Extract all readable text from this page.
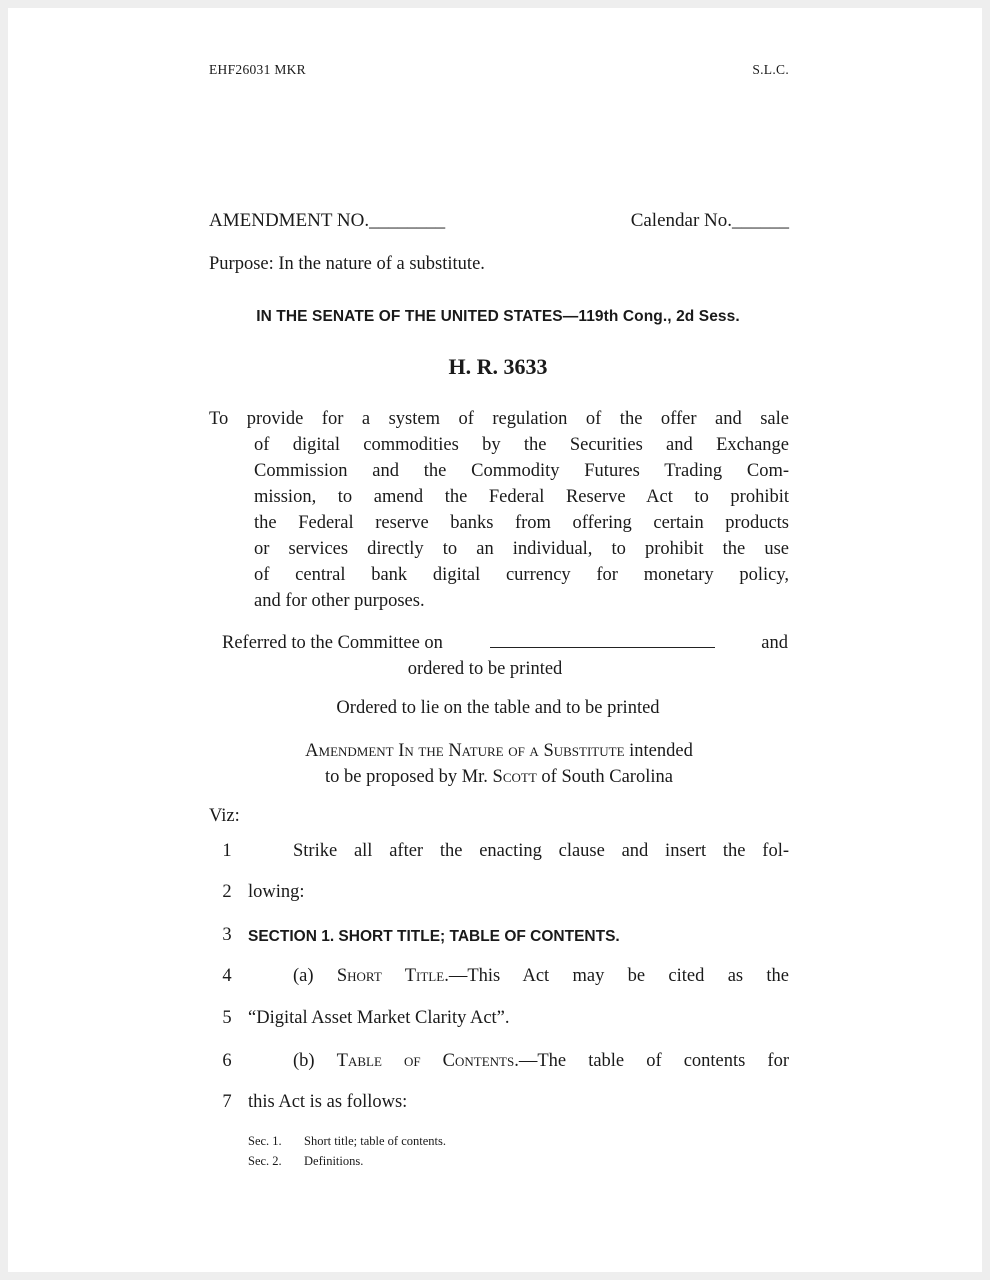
EHF26031 MKR	S.L.C.
AMENDMENT NO.________	Calendar No.______
Purpose: In the nature of a substitute.
IN THE SENATE OF THE UNITED STATES—119th Cong., 2d Sess.
H. R. 3633
To provide for a system of regulation of the offer and sale
of digital commodities by the Securities and Exchange
Commission and the Commodity Futures Trading Com-
mission, to amend the Federal Reserve Act to prohibit
the Federal reserve banks from offering certain products
or services directly to an individual, to prohibit the use
of central bank digital currency for monetary policy,
and for other purposes.
Referred to the Committee on	and
ordered to be printed
Ordered to lie on the table and to be printed
Amendment In the Nature of a Substitute intended
to be proposed by Mr. Scott of South Carolina
Viz:
1	Strike all after the enacting clause and insert the fol-
2 lowing:
3 SECTION 1. SHORT TITLE; TABLE OF CONTENTS.
4	(a) Short Title.—This Act may be cited as the
5 “Digital Asset Market Clarity Act”.
6	(b) Table of Contents.—The table of contents for
7 this Act is as follows:
Sec. 1. Short title; table of contents.
Sec. 2. Definitions.
